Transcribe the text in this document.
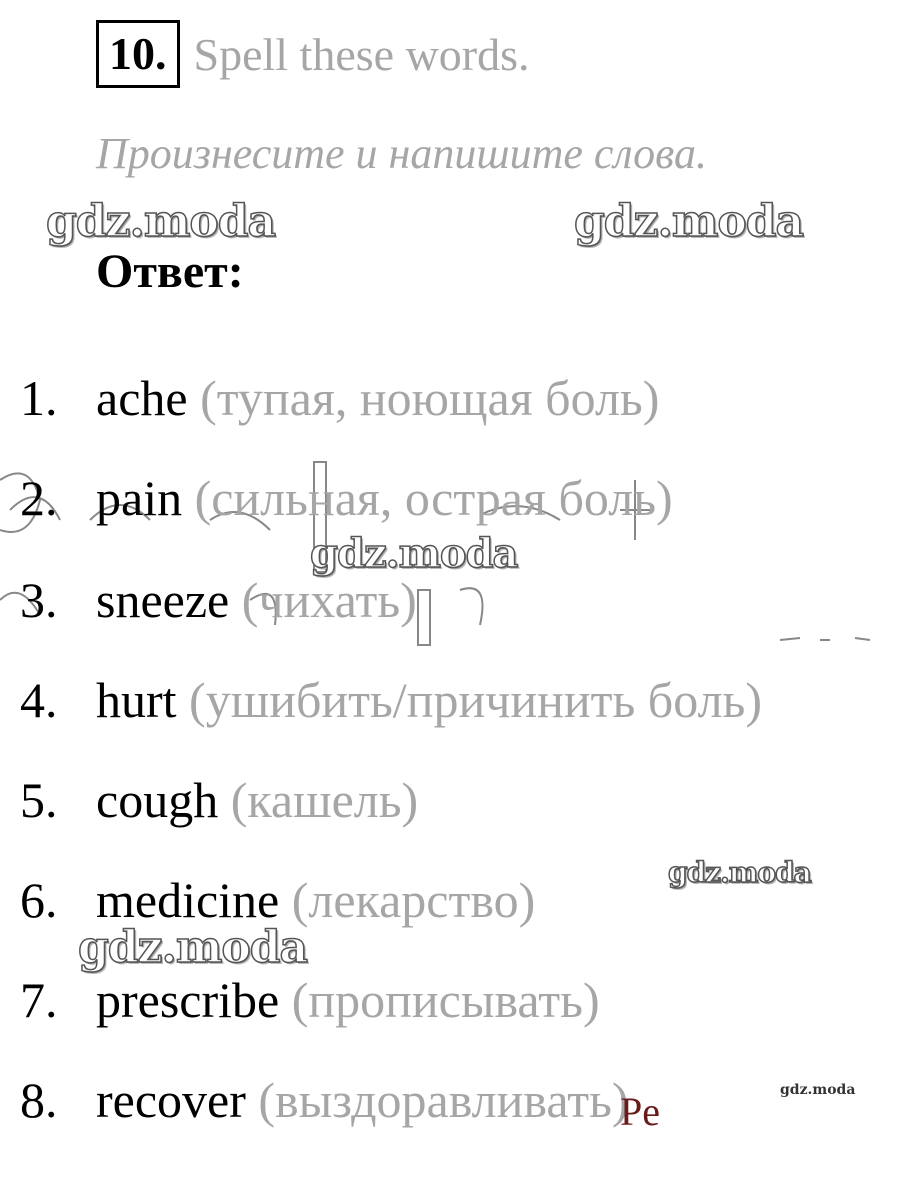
10. Spell these words.
Произнесите и напишите слова.
gdz.moda	gdz.moda
Ответ:
1. ache (тупая, ноющая боль)
2. pain (сильная, острая боль)
gdz.moda
3. sneeze (чихать)
4. hurt (ушибить/причинить боль)
5. cough (кашель)
gdz.moda
6. medicine (лекарство)
gdz.moda
7. prescribe (прописывать)
8. recover (выздоравливать)	gdz.moda
Pe
